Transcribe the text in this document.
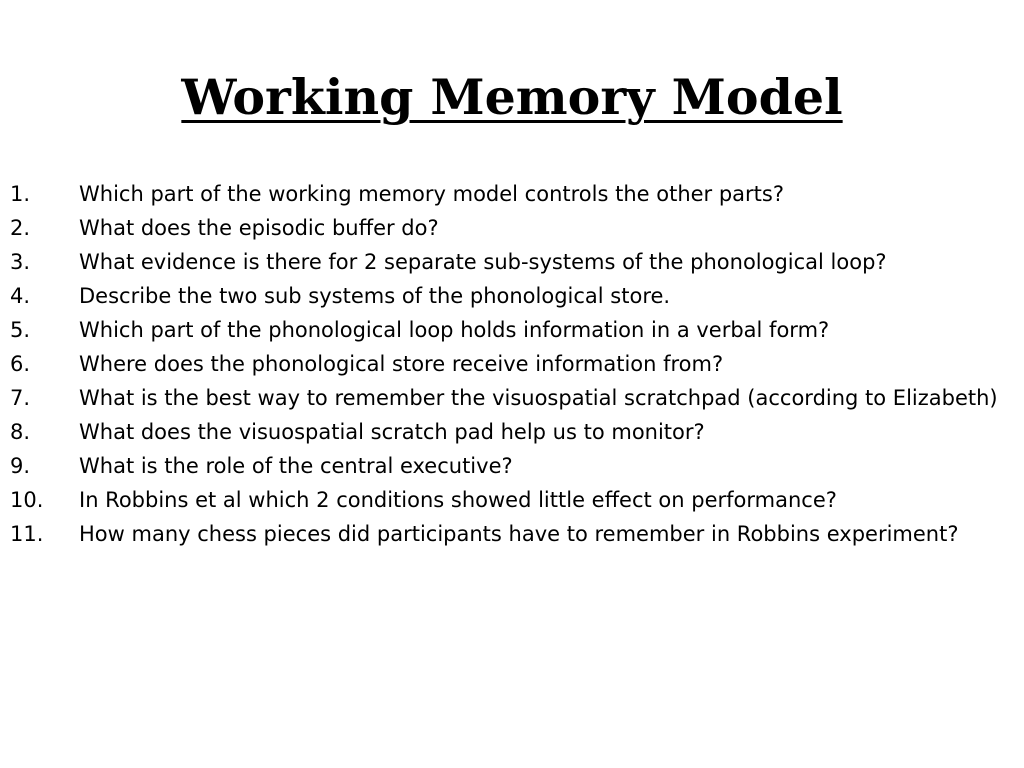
Working Memory Model
1.	Which part of the working memory model controls the other parts?
2.	What does the episodic buffer do?
3.	What evidence is there for 2 separate sub-systems of the phonological loop?
4.	Describe the two sub systems of the phonological store.
5.	Which part of the phonological loop holds information in a verbal form?
6.	Where does the phonological store receive information from?
7.	What is the best way to remember the visuospatial scratchpad (according to Elizabeth)
8.	What does the visuospatial scratch pad help us to monitor?
9.	What is the role of the central executive?
10.	In Robbins et al which 2 conditions showed little effect on performance?
11.	How many chess pieces did participants have to remember in Robbins experiment?
